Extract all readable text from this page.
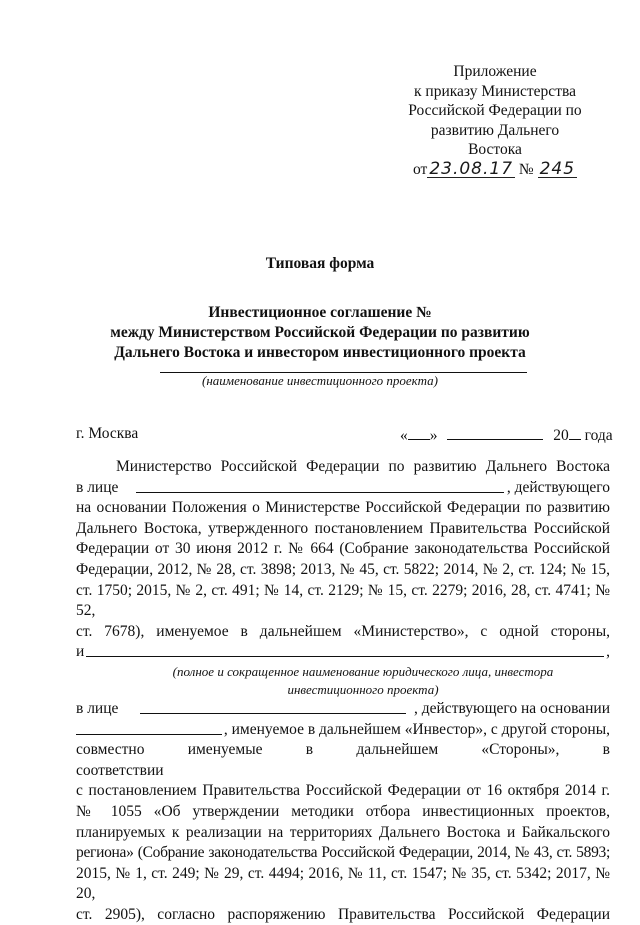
Приложение
к приказу Министерства
Российской Федерации по
развитию Дальнего Востока
от 23.08.17 № 245
Типовая форма
Инвестиционное соглашение №
между Министерством Российской Федерации по развитию
Дальнего Востока и инвестором инвестиционного проекта
(наименование инвестиционного проекта)
г. Москва	« »	20 года
Министерство Российской Федерации по развитию Дальнего Востока
в лице	, действующего
на основании Положения о Министерстве Российской Федерации по развитию
Дальнего Востока, утвержденного постановлением Правительства Российской
Федерации от 30 июня 2012 г. № 664 (Собрание законодательства Российской
Федерации, 2012, № 28, ст. 3898; 2013, № 45, ст. 5822; 2014, № 2, ст. 124; № 15,
ст. 1750; 2015, № 2, ст. 491; № 14, ст. 2129; № 15, ст. 2279; 2016, 28, ст. 4741; № 52,
ст. 7678), именуемое в дальнейшем «Министерство», с одной стороны,
и	,
(полное и сокращенное наименование юридического лица, инвестора
инвестиционного проекта)
в лице	, действующего на основании
, именуемое в дальнейшем «Инвестор», с другой стороны,
совместно именуемые в дальнейшем «Стороны», в соответствии
с постановлением Правительства Российской Федерации от 16 октября 2014 г.
№ 1055 «Об утверждении методики отбора инвестиционных проектов,
планируемых к реализации на территориях Дальнего Востока и Байкальского
региона» (Собрание законодательства Российской Федерации, 2014, № 43, ст. 5893;
2015, № 1, ст. 249; № 29, ст. 4494; 2016, № 11, ст. 1547; № 35, ст. 5342; 2017, № 20,
ст. 2905), согласно распоряжению Правительства Российской Федерации
